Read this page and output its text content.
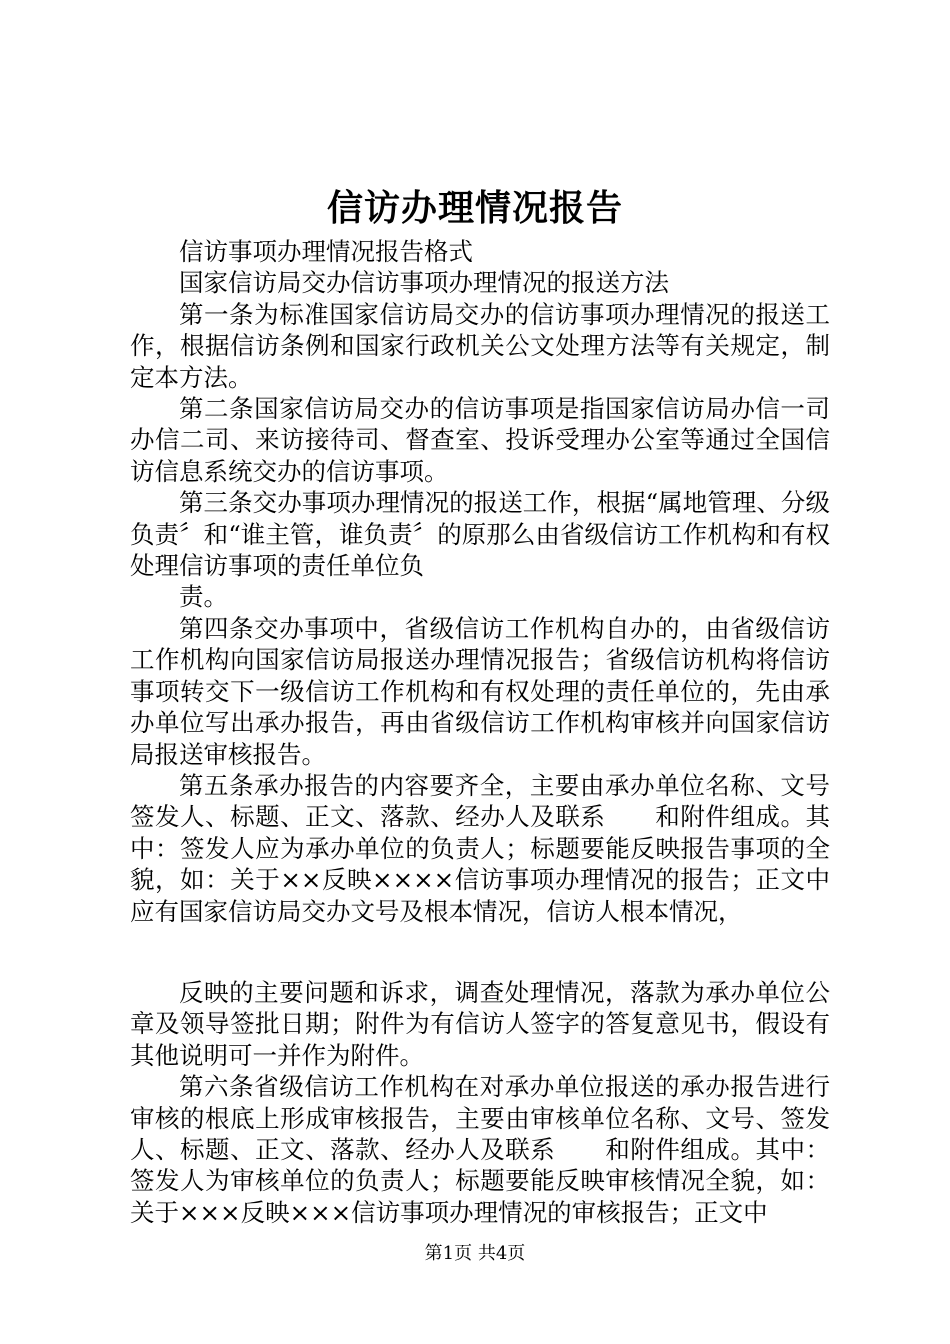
信访办理情况报告

信访事项办理情况报告格式

国家信访局交办信访事项办理情况的报送方法

第一条为标准国家信访局交办的信访事项办理情况的报送工作，根据信访条例和国家行政机关公文处理方法等有关规定，制定本方法。

第二条国家信访局交办的信访事项是指国家信访局办信一司办信二司、来访接待司、督查室、投诉受理办公室等通过全国信访信息系统交办的信访事项。

第三条交办事项办理情况的报送工作，根据“属地管理、分级负责〞和“谁主管，谁负责〞的原那么由省级信访工作机构和有权处理信访事项的责任单位负

责。

第四条交办事项中，省级信访工作机构自办的，由省级信访工作机构向国家信访局报送办理情况报告；省级信访机构将信访事项转交下一级信访工作机构和有权处理的责任单位的，先由承办单位写出承办报告，再由省级信访工作机构审核并向国家信访局报送审核报告。

第五条承办报告的内容要齐全，主要由承办单位名称、文号签发人、标题、正文、落款、经办人及联系　　和附件组成。其中：签发人应为承办单位的负责人；标题要能反映报告事项的全貌，如：关于××反映××××信访事项办理情况的报告；正文中应有国家信访局交办文号及根本情况，信访人根本情况，

反映的主要问题和诉求，调查处理情况，落款为承办单位公章及领导签批日期；附件为有信访人签字的答复意见书，假设有其他说明可一并作为附件。

第六条省级信访工作机构在对承办单位报送的承办报告进行审核的根底上形成审核报告，主要由审核单位名称、文号、签发人、标题、正文、落款、经办人及联系　　和附件组成。其中：签发人为审核单位的负责人；标题要能反映审核情况全貌，如：关于×××反映×××信访事项办理情况的审核报告；正文中

第1页 共4页
